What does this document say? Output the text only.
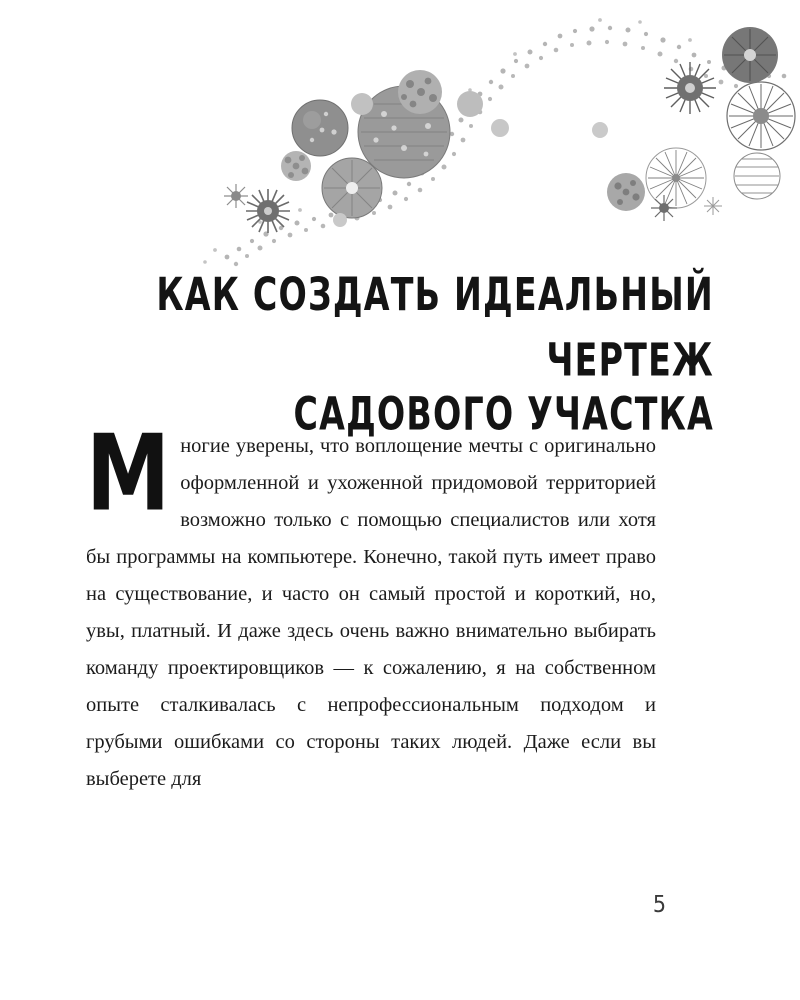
КАК СОЗДАТЬ ИДЕАЛЬНЫЙ ЧЕРТЕЖ
САДОВОГО УЧАСТКА
М ногие уверены, что воплощение мечты с оригинально оформленной и ухоженной придомовой территорией возможно только с помощью специалистов или хотя бы программы на компьютере. Конечно, такой путь имеет право на существование, и часто он самый простой и короткий, но, увы, платный. И даже здесь очень важно внимательно выбирать команду проектировщиков — к сожалению, я на собственном опыте сталкивалась с непрофессиональным подходом и грубыми ошибками со стороны таких людей. Даже если вы выберете для

5
